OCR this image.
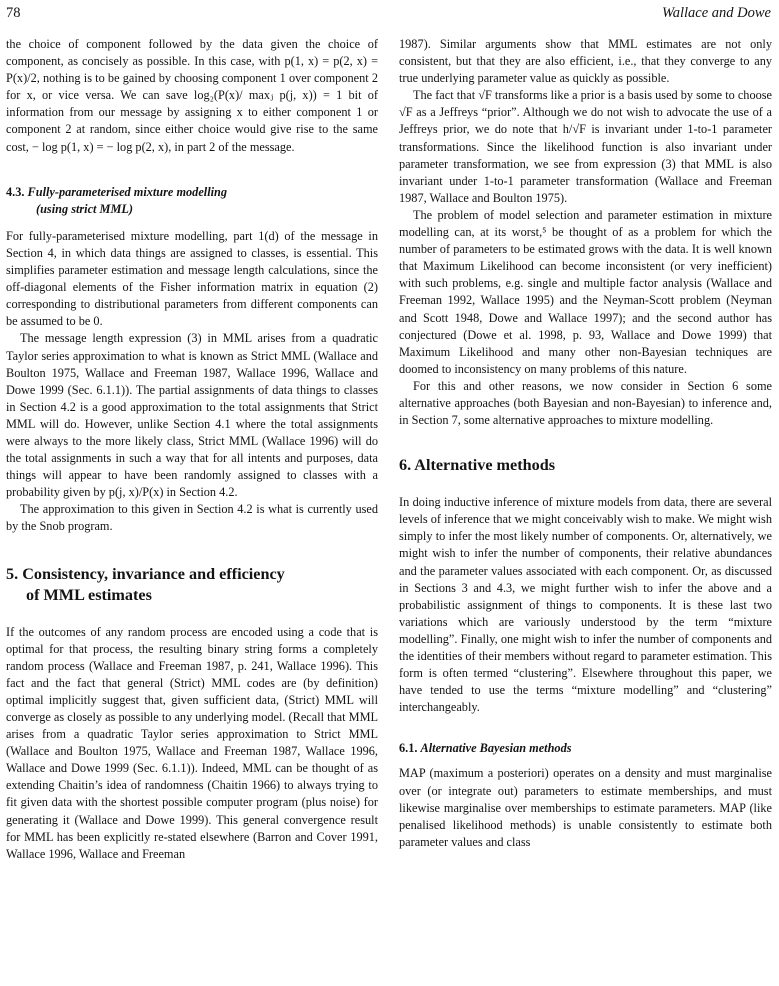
78	Wallace and Dowe

the choice of component followed by the data given the choice of component, as concisely as possible. In this case, with p(1, x) = p(2, x) = P(x)/2, nothing is to be gained by choosing component 1 over component 2 for x, or vice versa. We can save log₂(P(x)/ maxⱼ p(j, x)) = 1 bit of information from our message by assigning x to either component 1 or component 2 at random, since either choice would give rise to the same cost, − log p(1, x) = − log p(2, x), in part 2 of the message.

4.3. Fully-parameterised mixture modelling
(using strict MML)

For fully-parameterised mixture modelling, part 1(d) of the message in Section 4, in which data things are assigned to classes, is essential. This simplifies parameter estimation and message length calculations, since the off-diagonal elements of the Fisher information matrix in equation (2) corresponding to distributional parameters from different components can be assumed to be 0.

The message length expression (3) in MML arises from a quadratic Taylor series approximation to what is known as Strict MML (Wallace and Boulton 1975, Wallace and Freeman 1987, Wallace 1996, Wallace and Dowe 1999 (Sec. 6.1.1)). The partial assignments of data things to classes in Section 4.2 is a good approximation to the total assignments that Strict MML will do. However, unlike Section 4.1 where the total assignments were always to the more likely class, Strict MML (Wallace 1996) will do the total assignments in such a way that for all intents and purposes, data things will appear to have been randomly assigned to classes with a probability given by p(j, x)/P(x) in Section 4.2.

The approximation to this given in Section 4.2 is what is currently used by the Snob program.

5. Consistency, invariance and efficiency
of MML estimates

If the outcomes of any random process are encoded using a code that is optimal for that process, the resulting binary string forms a completely random process (Wallace and Freeman 1987, p. 241, Wallace 1996). This fact and the fact that general (Strict) MML codes are (by definition) optimal implicitly suggest that, given sufficient data, (Strict) MML will converge as closely as possible to any underlying model. (Recall that MML arises from a quadratic Taylor series approximation to Strict MML (Wallace and Boulton 1975, Wallace and Freeman 1987, Wallace 1996, Wallace and Dowe 1999 (Sec. 6.1.1)). Indeed, MML can be thought of as extending Chaitin’s idea of randomness (Chaitin 1966) to always trying to fit given data with the shortest possible computer program (plus noise) for generating it (Wallace and Dowe 1999). This general convergence result for MML has been explicitly re-stated elsewhere (Barron and Cover 1991, Wallace 1996, Wallace and Freeman

1987). Similar arguments show that MML estimates are not only consistent, but that they are also efficient, i.e., that they converge to any true underlying parameter value as quickly as possible.

The fact that √F transforms like a prior is a basis used by some to choose √F as a Jeffreys “prior”. Although we do not wish to advocate the use of a Jeffreys prior, we do note that h/√F is invariant under 1-to-1 parameter transformations. Since the likelihood function is also invariant under parameter transformation, we see from expression (3) that MML is also invariant under 1-to-1 parameter transformation (Wallace and Freeman 1987, Wallace and Boulton 1975).

The problem of model selection and parameter estimation in mixture modelling can, at its worst,⁵ be thought of as a problem for which the number of parameters to be estimated grows with the data. It is well known that Maximum Likelihood can become inconsistent (or very inefficient) with such problems, e.g. single and multiple factor analysis (Wallace and Freeman 1992, Wallace 1995) and the Neyman-Scott problem (Neyman and Scott 1948, Dowe and Wallace 1997); and the second author has conjectured (Dowe et al. 1998, p. 93, Wallace and Dowe 1999) that Maximum Likelihood and many other non-Bayesian techniques are doomed to inconsistency on many problems of this nature.

For this and other reasons, we now consider in Section 6 some alternative approaches (both Bayesian and non-Bayesian) to inference and, in Section 7, some alternative approaches to mixture modelling.

6. Alternative methods

In doing inductive inference of mixture models from data, there are several levels of inference that we might conceivably wish to make. We might wish simply to infer the most likely number of components. Or, alternatively, we might wish to infer the number of components, their relative abundances and the parameter values associated with each component. Or, as discussed in Sections 3 and 4.3, we might further wish to infer the above and a probabilistic assignment of things to components. It is these last two variations which are variously understood by the term “mixture modelling”. Finally, one might wish to infer the number of components and the identities of their members without regard to parameter estimation. This form is often termed “clustering”. Elsewhere throughout this paper, we have tended to use the terms “mixture modelling” and “clustering” interchangeably.

6.1. Alternative Bayesian methods

MAP (maximum a posteriori) operates on a density and must marginalise over (or integrate out) parameters to estimate memberships, and must likewise marginalise over memberships to estimate parameters. MAP (like penalised likelihood methods) is unable consistently to estimate both parameter values and class
